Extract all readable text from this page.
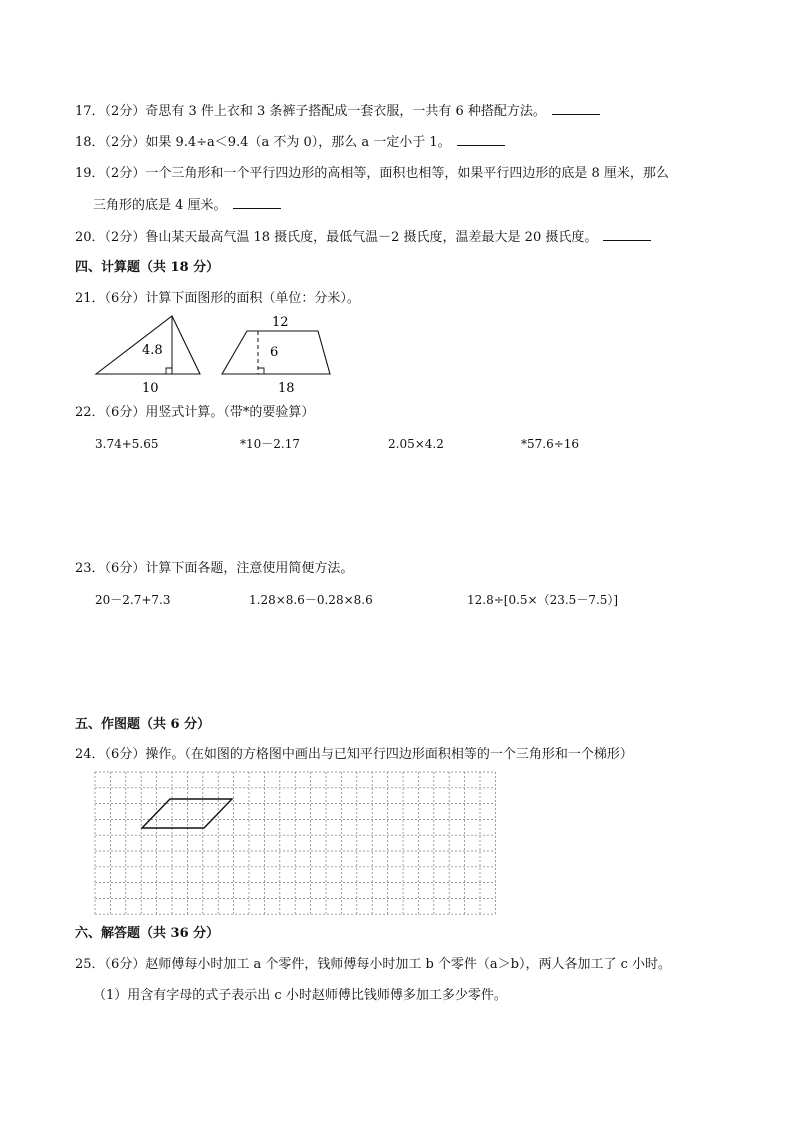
17．（2分）奇思有 3 件上衣和 3 条裤子搭配成一套衣服，一共有 6 种搭配方法。
18．（2分）如果 9.4÷a＜9.4（a 不为 0），那么 a 一定小于 1。
19．（2分）一个三角形和一个平行四边形的高相等，面积也相等，如果平行四边形的底是 8 厘米，那么
三角形的底是 4 厘米。
20．（2分）鲁山某天最高气温 18 摄氏度，最低气温－2 摄氏度，温差最大是 20 摄氏度。
四、计算题（共 18 分）
21．（6分）计算下面图形的面积（单位：分米）。
4.8
10
12
6
18
22．（6分）用竖式计算。（带*的要验算）
3.74+5.65	*10－2.17	2.05×4.2	*57.6÷16
23．（6分）计算下面各题，注意使用简便方法。
20－2.7+7.3	1.28×8.6－0.28×8.6	12.8÷[0.5×（23.5－7.5）]
五、作图题（共 6 分）
24．（6分）操作。（在如图的方格图中画出与已知平行四边形面积相等的一个三角形和一个梯形）
六、解答题（共 36 分）
25．（6分）赵师傅每小时加工 a 个零件，钱师傅每小时加工 b 个零件（a＞b），两人各加工了 c 小时。
（1）用含有字母的式子表示出 c 小时赵师傅比钱师傅多加工多少零件。
